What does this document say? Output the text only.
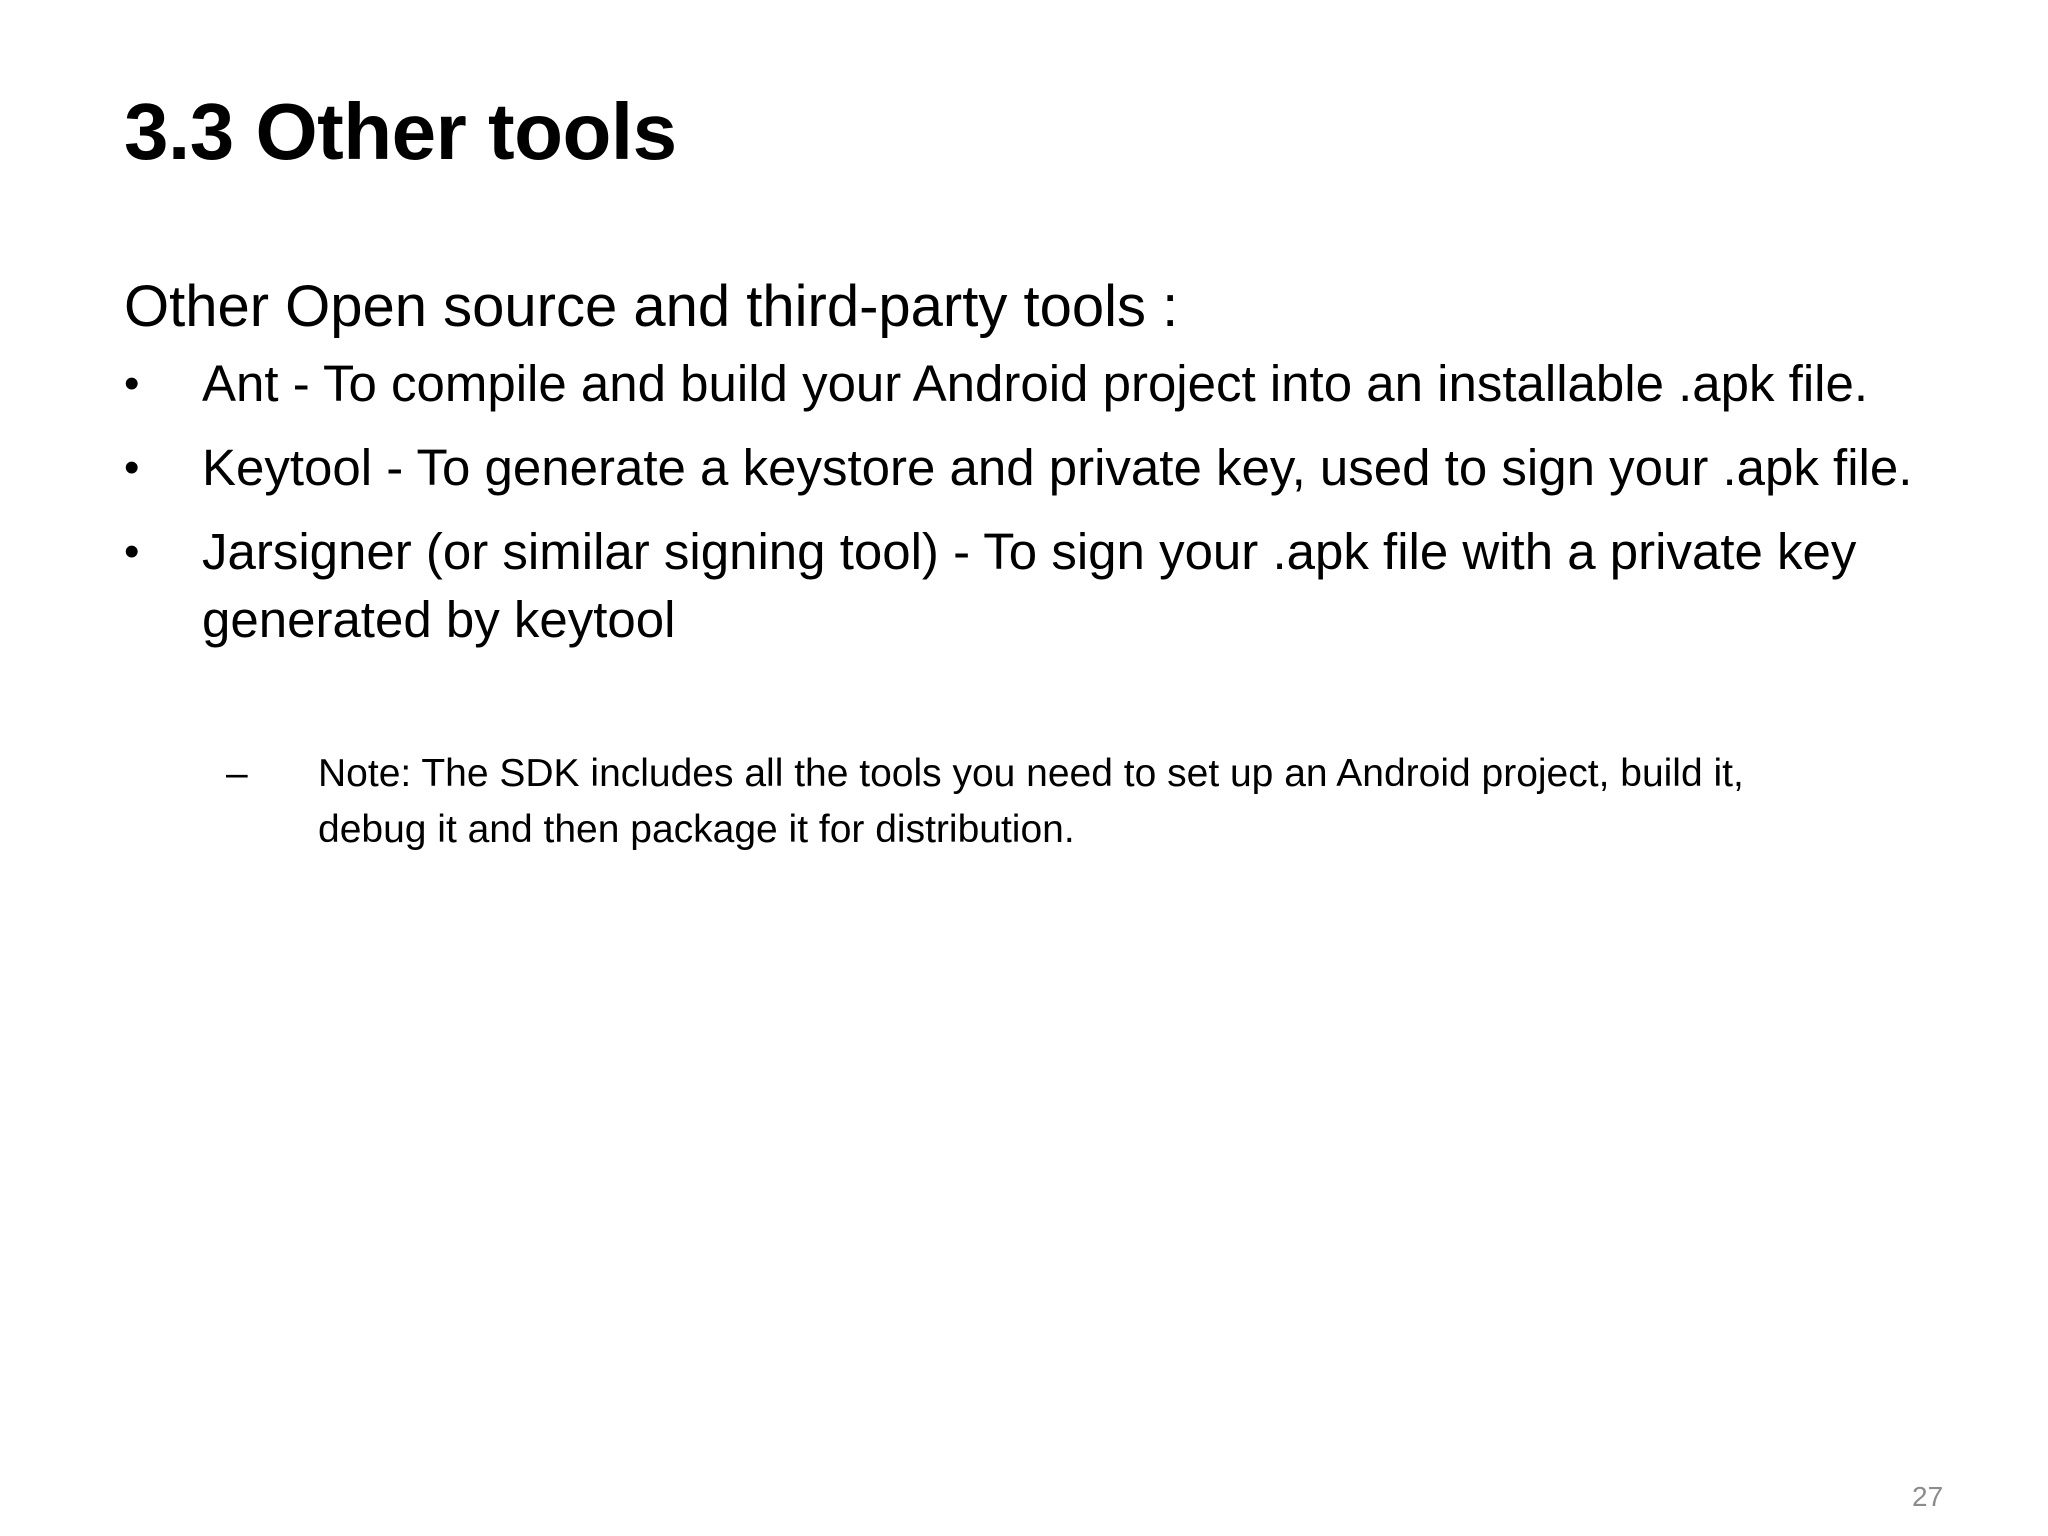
3.3 Other tools
Other Open source and third-party tools :
• Ant - To compile and build your Android project into an installable .apk file.
• Keytool - To generate a keystore and private key, used to sign your .apk file.
• Jarsigner (or similar signing tool) - To sign your .apk file with a private key generated by keytool
– Note: The SDK includes all the tools you need to set up an Android project, build it, debug it and then package it for distribution.
27
